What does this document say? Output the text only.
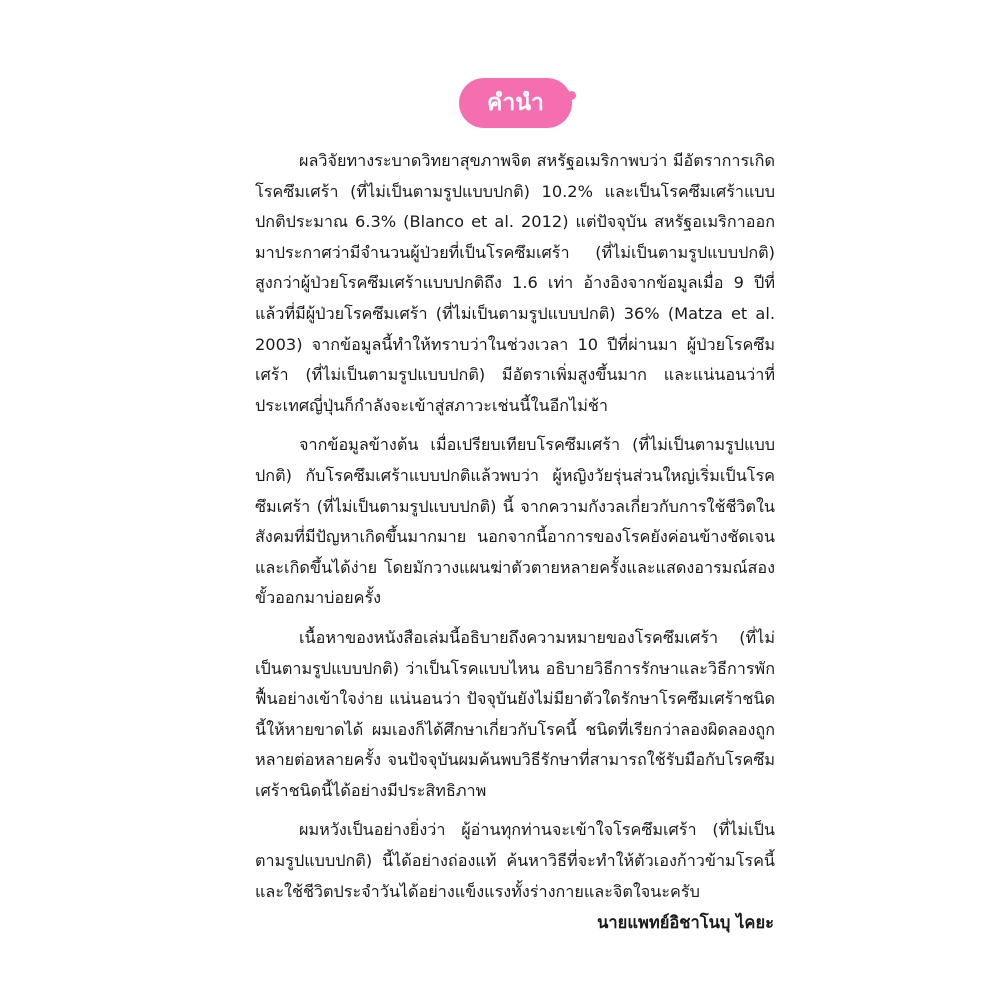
คำนำ

ผลวิจัยทางระบาดวิทยาสุขภาพจิต สหรัฐอเมริกาพบว่า มีอัตราการเกิดโรคซึมเศร้า (ที่ไม่เป็นตามรูปแบบปกติ) 10.2% และเป็นโรคซึมเศร้าแบบปกติประมาณ 6.3% (Blanco et al. 2012) แต่ปัจจุบัน สหรัฐอเมริกาออกมาประกาศว่ามีจำนวนผู้ป่วยที่เป็นโรคซึมเศร้า (ที่ไม่เป็นตามรูปแบบปกติ) สูงกว่าผู้ป่วยโรคซึมเศร้าแบบปกติถึง 1.6 เท่า อ้างอิงจากข้อมูลเมื่อ 9 ปีที่แล้วที่มีผู้ป่วยโรคซึมเศร้า (ที่ไม่เป็นตามรูปแบบปกติ) 36% (Matza et al. 2003) จากข้อมูลนี้ทำให้ทราบว่าในช่วงเวลา 10 ปีที่ผ่านมา ผู้ป่วยโรคซึมเศร้า (ที่ไม่เป็นตามรูปแบบปกติ) มีอัตราเพิ่มสูงขึ้นมาก และแน่นอนว่าที่ประเทศญี่ปุ่นก็กำลังจะเข้าสู่สภาวะเช่นนี้ในอีกไม่ช้า

จากข้อมูลข้างต้น เมื่อเปรียบเทียบโรคซึมเศร้า (ที่ไม่เป็นตามรูปแบบปกติ) กับโรคซึมเศร้าแบบปกติแล้วพบว่า ผู้หญิงวัยรุ่นส่วนใหญ่เริ่มเป็นโรคซึมเศร้า (ที่ไม่เป็นตามรูปแบบปกติ) นี้ จากความกังวลเกี่ยวกับการใช้ชีวิตในสังคมที่มีปัญหาเกิดขึ้นมากมาย นอกจากนี้อาการของโรคยังค่อนข้างชัดเจนและเกิดขึ้นได้ง่าย โดยมักวางแผนฆ่าตัวตายหลายครั้งและแสดงอารมณ์สองขั้วออกมาบ่อยครั้ง

เนื้อหาของหนังสือเล่มนี้อธิบายถึงความหมายของโรคซึมเศร้า (ที่ไม่เป็นตามรูปแบบปกติ) ว่าเป็นโรคแบบไหน อธิบายวิธีการรักษาและวิธีการพักฟื้นอย่างเข้าใจง่าย แน่นอนว่า ปัจจุบันยังไม่มียาตัวใดรักษาโรคซึมเศร้าชนิดนี้ให้หายขาดได้ ผมเองก็ได้ศึกษาเกี่ยวกับโรคนี้ ชนิดที่เรียกว่าลองผิดลองถูกหลายต่อหลายครั้ง จนปัจจุบันผมค้นพบวิธีรักษาที่สามารถใช้รับมือกับโรคซึมเศร้าชนิดนี้ได้อย่างมีประสิทธิภาพ

ผมหวังเป็นอย่างยิ่งว่า ผู้อ่านทุกท่านจะเข้าใจโรคซึมเศร้า (ที่ไม่เป็นตามรูปแบบปกติ) นี้ได้อย่างถ่องแท้ ค้นหาวิธีที่จะทำให้ตัวเองก้าวข้ามโรคนี้และใช้ชีวิตประจำวันได้อย่างแข็งแรงทั้งร่างกายและจิตใจนะครับ

นายแพทย์อิชาโนบุ ไคยะ
